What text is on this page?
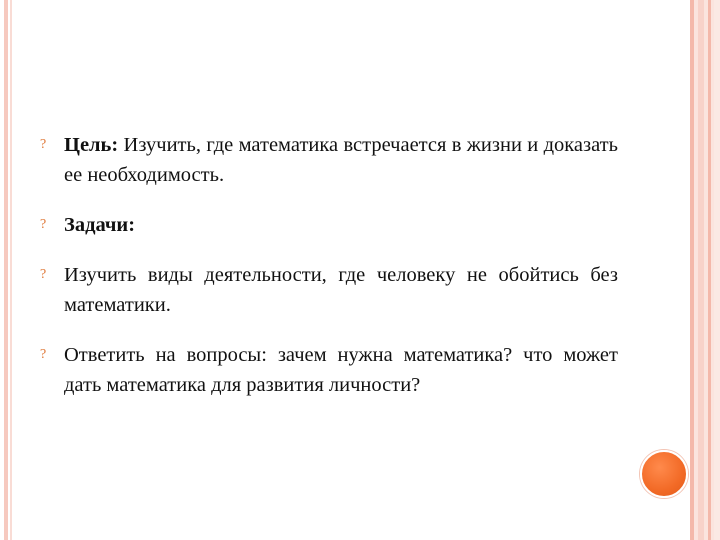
? Цель: Изучить, где математика встречается в жизни и доказать ее необходимость.
? Задачи:
? Изучить виды деятельности, где человеку не обойтись без математики.
? Ответить на вопросы: зачем нужна математика? что может дать математика для развития личности?
